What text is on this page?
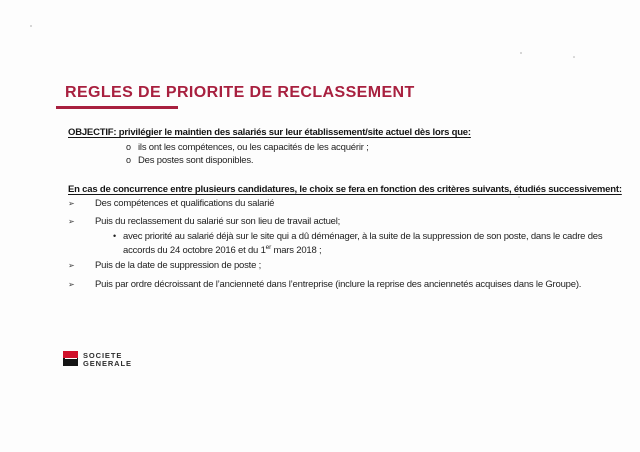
REGLES DE PRIORITE DE RECLASSEMENT
OBJECTIF: privilégier le maintien des salariés sur leur établissement/site actuel dès lors que:
o ils ont les compétences, ou les capacités de les acquérir ;
o Des postes sont disponibles.
En cas de concurrence entre plusieurs candidatures, le choix se fera en fonction des critères suivants, étudiés successivement:
➢ Des compétences et qualifications du salarié
➢ Puis du reclassement du salarié sur son lieu de travail actuel;
• avec priorité au salarié déjà sur le site qui a dû déménager, à la suite de la suppression de son poste, dans le cadre des
accords du 24 octobre 2016 et du 1er mars 2018 ;
➢ Puis de la date de suppression de poste ;
➢ Puis par ordre décroissant de l’ancienneté dans l’entreprise (inclure la reprise des anciennetés acquises dans le Groupe).
SOCIETE
GENERALE
